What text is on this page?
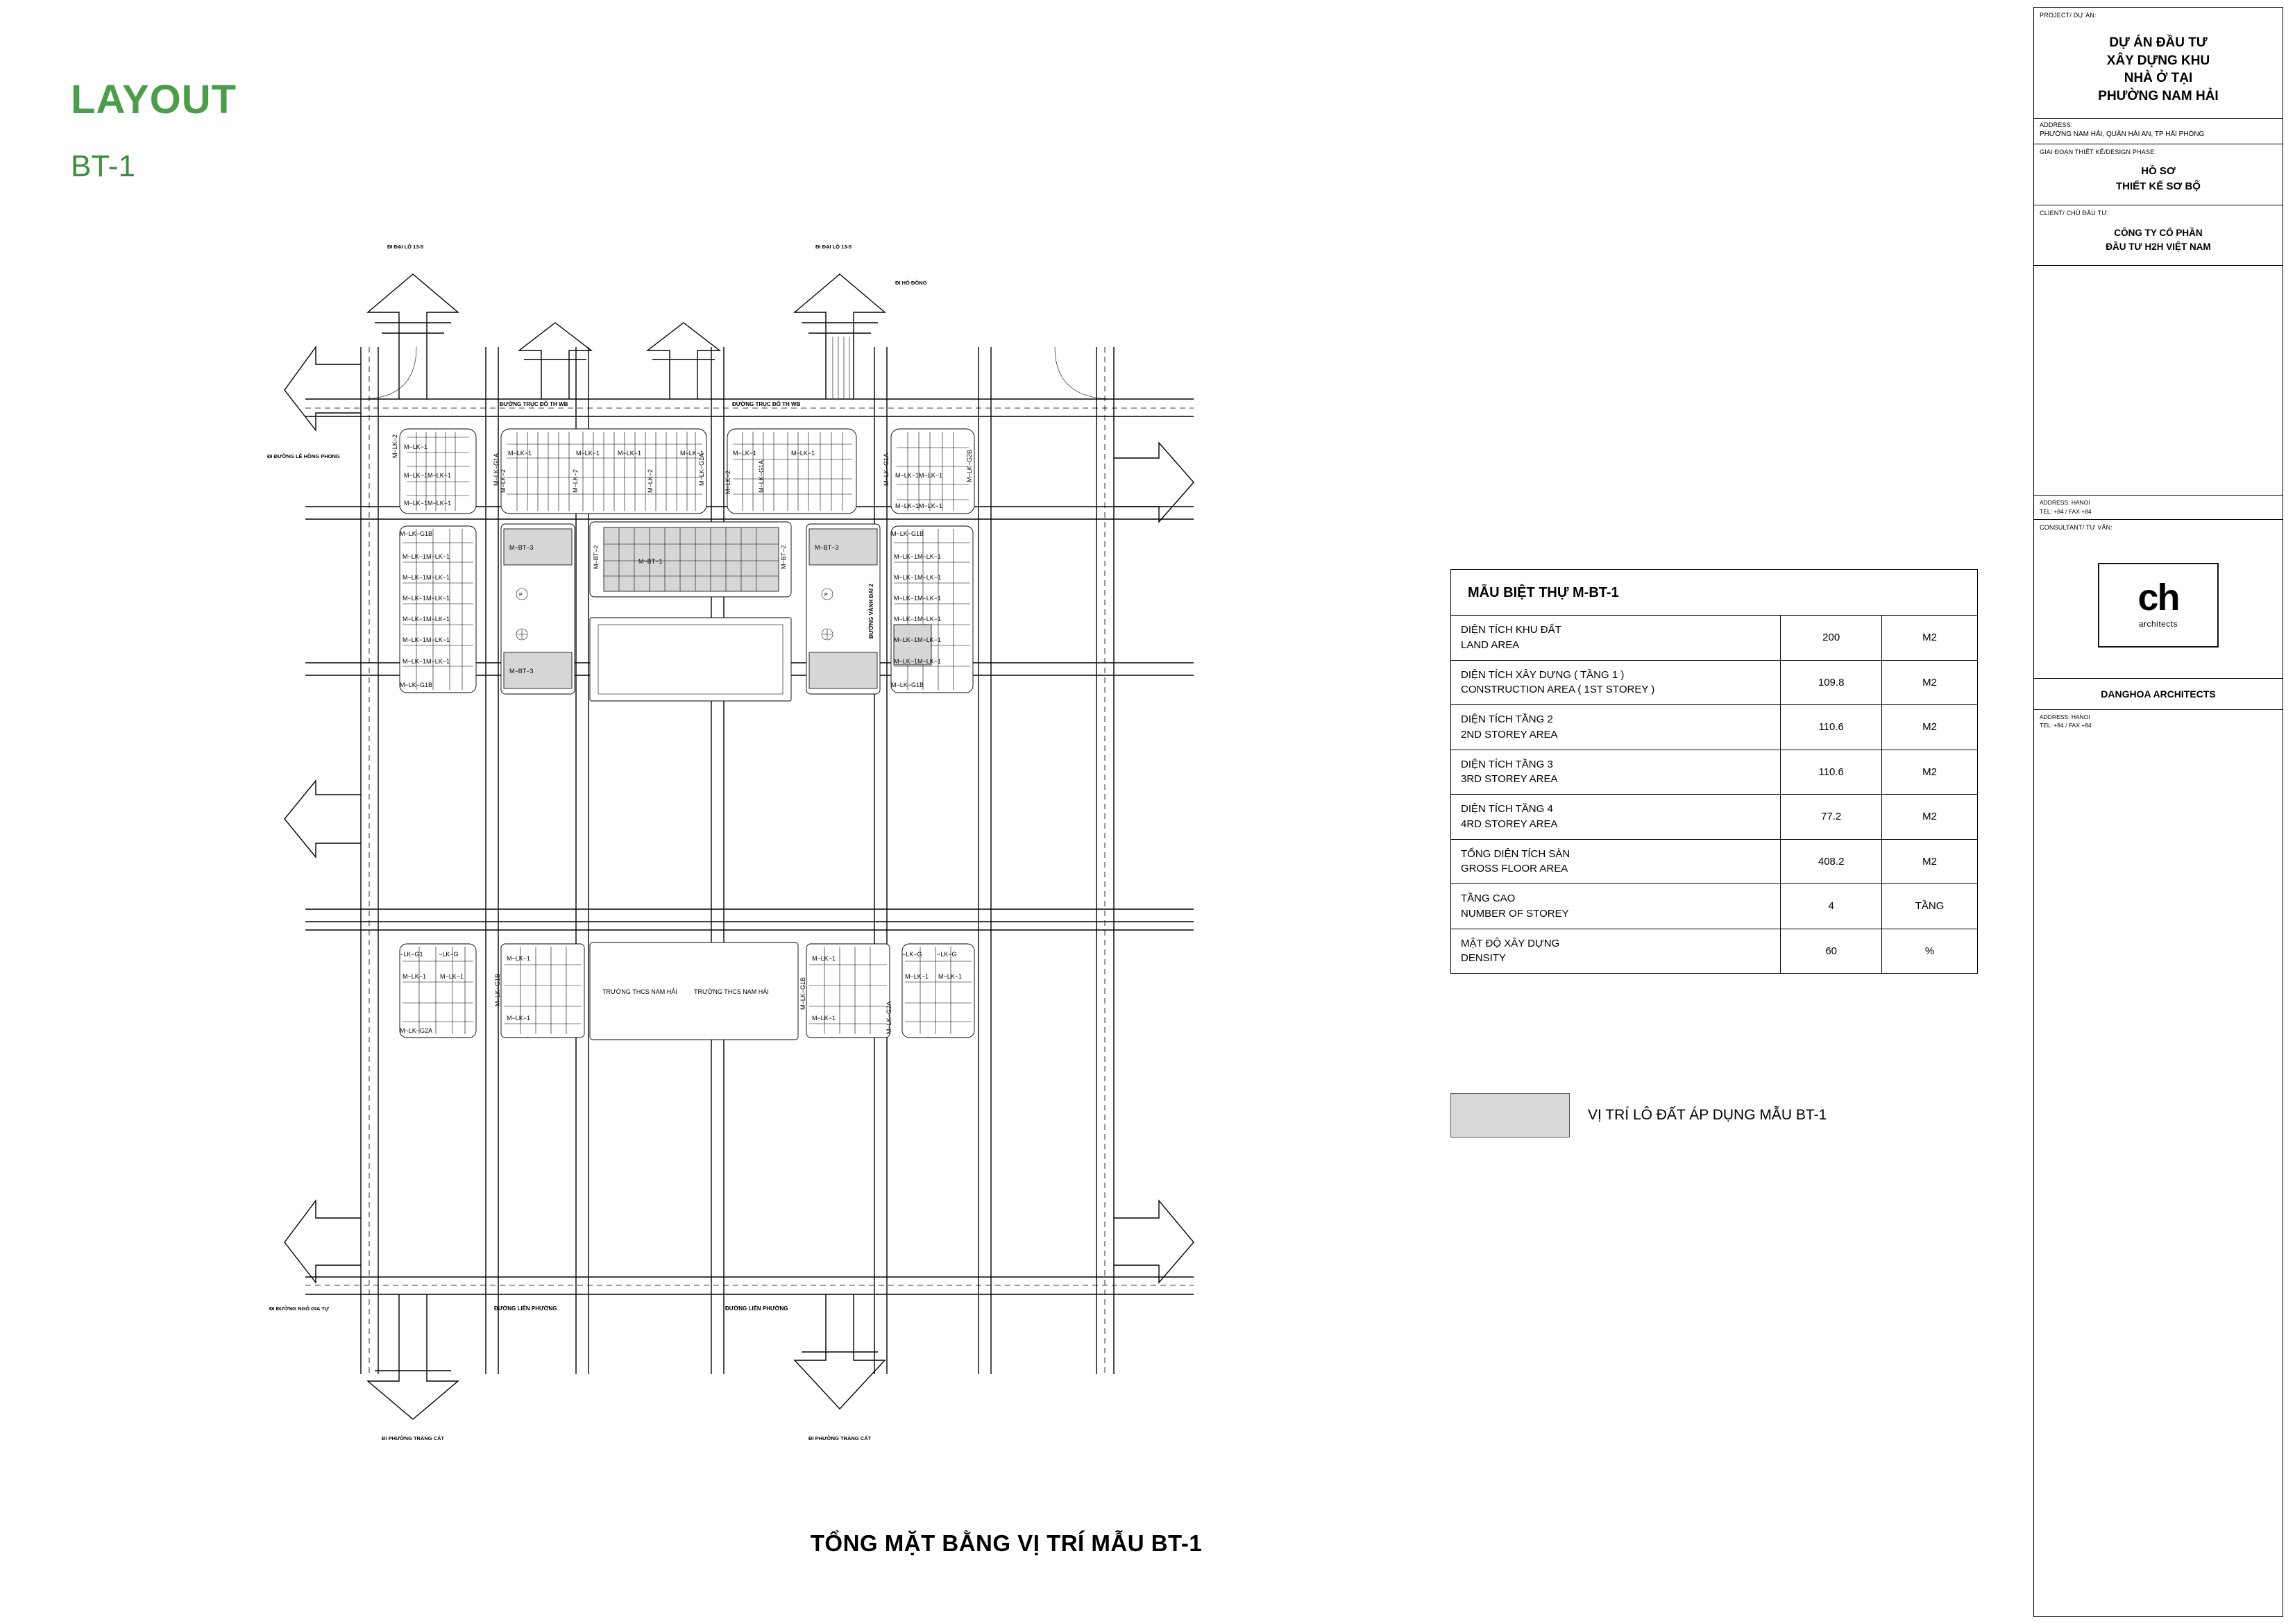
LAYOUT
BT-1
M−LK−1
M−LK−1M−LK−1
M−LK−1M−LK−1
M−LK−2	M−LK−1	M−LK−1	M−LK−1	M−LK−1
M−LK−2	M−LK−2	M−LK−2	M−LK−G1A
M−LK−G1A	M−LK−1	M−LK−1
M−LK−2	M−LK−G1A	M−LK−1M−LK−1
M−LK−1M−LK−1
M−LK−G1A	M−LK−G2B
M−LK−G1B
M−LK−1M−LK−1
M−LK−1M−LK−1
M−LK−1M−LK−1
M−LK−1M−LK−1
M−LK−1M−LK−1
M−LK−1M−LK−1
M−LK−G1B
M−BT−3
M−BT−3
P
M−BT−1
M−BT−2	M−BT−2	M−BT−3
P
M−LK−G1B
M−LK−1M−LK−1
M−LK−1M−LK−1
M−LK−1M−LK−1
M−LK−1M−LK−1
M−LK−1M−LK−1
M−LK−1M−LK−1
M−LK−G1B
−LK−G1 −LK−G
M−LK−1 M−LK−1
M−LK−G2A
M−LK−1
M−LK−1
M−LK−G1B	TRƯỜNG THCS NAM HẢI	TRƯỜNG THCS NAM HẢI
M−LK−1
M−LK−1
M−LK−G1B
M−LK−G2A
−LK−G −LK−G
M−LK−1 M−LK−1
ĐƯỜNG TRỤC ĐÔ TH WB	ĐƯỜNG TRỤC ĐÔ TH WB
ĐƯỜNG LIÊN PHƯỜNG	ĐƯỜNG LIÊN PHƯỜNG
ĐƯỜNG VÀNH ĐAI 2
ĐI ĐẠI LỘ 13-5	ĐI ĐẠI LỘ 13-5
ĐI HỒ ĐÔNG
ĐI ĐƯỜNG LÊ HỒNG PHONG
ĐI ĐƯỜNG NGÔ GIA TỰ
ĐI PHƯỜNG TRÀNG CÁT	ĐI PHƯỜNG TRÀNG CÁT
TỔNG MẶT BẰNG VỊ TRÍ MẪU BT-1
MẪU BIỆT THỰ M-BT-1
DIỆN TÍCH KHU ĐẤT
LAND AREA	200	M2

DIỆN TÍCH XÂY DỰNG ( TẦNG 1 )
CONSTRUCTION AREA ( 1ST STOREY )	109.8	M2

DIỆN TÍCH TẦNG 2
2ND STOREY AREA	110.6	M2

DIỆN TÍCH TẦNG 3
3RD STOREY AREA	110.6	M2

DIỆN TÍCH TẦNG 4
4RD STOREY AREA	77.2	M2

TỔNG DIỆN TÍCH SÀN
GROSS FLOOR AREA	408.2	M2

TẦNG CAO
NUMBER OF STOREY	4	TẦNG

MẬT ĐỘ XÂY DỰNG
DENSITY	60	%
VỊ TRÍ LÔ ĐẤT ÁP DỤNG MẪU BT-1
PROJECT/ DỰ ÁN:
DỰ ÁN ĐẦU TƯ
XÂY DỰNG KHU
NHÀ Ở TẠI
PHƯỜNG NAM HẢI
ADDRESS:
PHƯỜNG NAM HẢI, QUẬN HẢI AN, TP HẢI PHÒNG
GIAI ĐOẠN THIẾT KẾ/DESIGN PHASE:
HỒ SƠ
THIẾT KẾ SƠ BỘ
CLIENT/ CHỦ ĐẦU TƯ:
CÔNG TY CỔ PHẦN
ĐẦU TƯ H2H VIỆT NAM
ADDRESS: HANOI
TEL: +84 / FAX +84
CONSULTANT/ TƯ VẤN:
ch
architects
DANGHOA ARCHITECTS
ADDRESS: HANOI
TEL: +84 / FAX +84
